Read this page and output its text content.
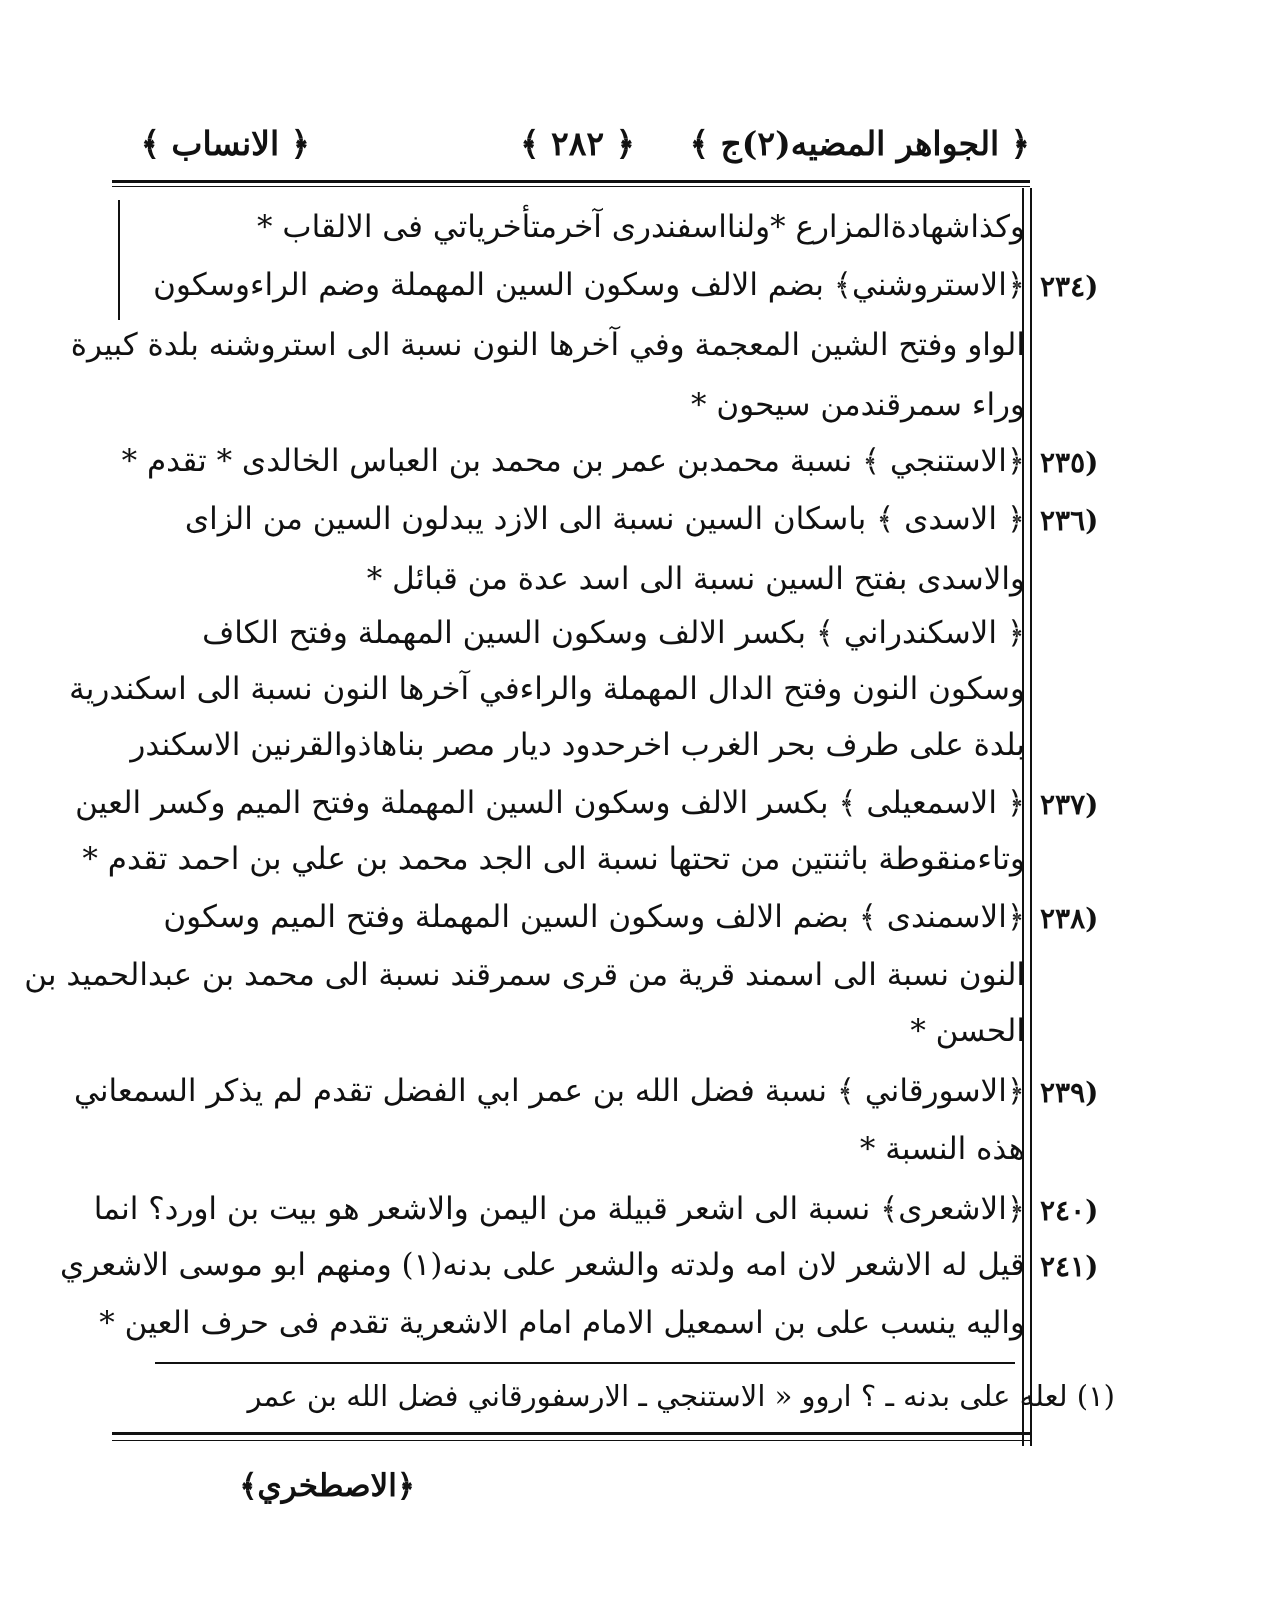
﴿ الجواهر المضيه(٢)ج ﴾
﴿ ٢٨٢ ﴾
﴿ الانساب ﴾
وكذاشهادةالمزارع *ولنااسفندرى آخرمتأخرياتي فى الالقاب *
﴿الاستروشني﴾ بضم الالف وسكون السين المهملة وضم الراءوسكون
الواو وفتح الشين المعجمة وفي آخرها النون نسبة الى استروشنه بلدة كبيرة
وراء سمرقندمن سيحون *
﴿الاستنجي ﴾ نسبة محمدبن عمر بن محمد بن العباس الخالدى * تقدم *
﴿ الاسدى ﴾ باسكان السين نسبة الى الازد يبدلون السين من الزاى
والاسدى بفتح السين نسبة الى اسد عدة من قبائل *
﴿ الاسكندراني ﴾ بكسر الالف وسكون السين المهملة وفتح الكاف
وسكون النون وفتح الدال المهملة والراءفي آخرها النون نسبة الى اسكندرية
بلدة على طرف بحر الغرب اخرحدود ديار مصر بناهاذوالقرنين الاسكندر
﴿ الاسمعيلى ﴾ بكسر الالف وسكون السين المهملة وفتح الميم وكسر العين
وتاءمنقوطة باثنتين من تحتها نسبة الى الجد محمد بن علي بن احمد تقدم *
﴿الاسمندى ﴾ بضم الالف وسكون السين المهملة وفتح الميم وسكون
النون نسبة الى اسمند قرية من قرى سمرقند نسبة الى محمد بن عبدالحميد بن
الحسن *
﴿الاسورقاني ﴾ نسبة فضل الله بن عمر ابي الفضل تقدم لم يذكر السمعاني
هذه النسبة *
﴿الاشعرى﴾ نسبة الى اشعر قبيلة من اليمن والاشعر هو بيت بن اورد؟ انما
قيل له الاشعر لان امه ولدته والشعر على بدنه(١) ومنهم ابو موسى الاشعري
واليه ينسب على بن اسمعيل الامام امام الاشعرية تقدم فى حرف العين *
(٢٣٤
(٢٣٥
(٢٣٦
(٢٣٧
(٢٣٨
(٢٣٩
(٢٤٠
(٢٤١
(١) لعله على بدنه ـ ؟ اروو « الاستنجي ـ الارسفورقاني فضل الله بن عمر
﴿الاصطخري﴾
